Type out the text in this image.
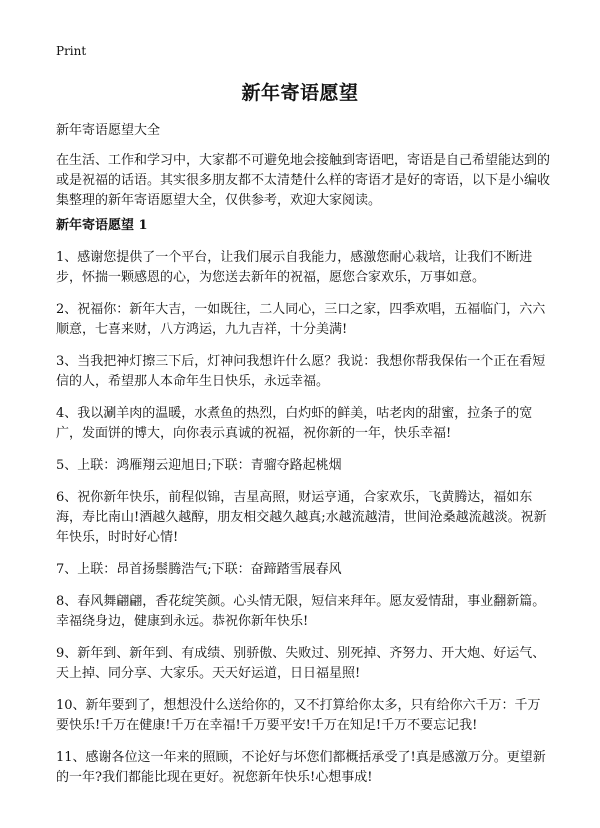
Print
新年寄语愿望

新年寄语愿望大全

在生活、工作和学习中，大家都不可避免地会接触到寄语吧，寄语是自己希望能达到的或是祝福的话语。其实很多朋友都不太清楚什么样的寄语才是好的寄语，以下是小编收集整理的新年寄语愿望大全，仅供参考，欢迎大家阅读。

新年寄语愿望 1
1、感谢您提供了一个平台，让我们展示自我能力，感激您耐心栽培，让我们不断进步，怀揣一颗感恩的心，为您送去新年的祝福，愿您合家欢乐，万事如意。
2、祝福你：新年大吉，一如既往，二人同心，三口之家，四季欢唱，五福临门，六六顺意，七喜来财，八方鸿运，九九吉祥，十分美满!
3、当我把神灯擦三下后，灯神问我想许什么愿？我说：我想你帮我保佑一个正在看短信的人，希望那人本命年生日快乐，永远幸福。
4、我以涮羊肉的温暖，水煮鱼的热烈，白灼虾的鲜美，咕老肉的甜蜜，拉条子的宽广，发面饼的博大，向你表示真诚的祝福，祝你新的一年，快乐幸福!
5、上联：鸿雁翔云迎旭日;下联：青骝夺路起桃烟
6、祝你新年快乐，前程似锦，吉星高照，财运亨通，合家欢乐，飞黄腾达，福如东海，寿比南山!酒越久越醇，朋友相交越久越真;水越流越清，世间沧桑越流越淡。祝新年快乐，时时好心情!
7、上联：昂首扬鬃腾浩气;下联：奋蹄踏雪展春风
8、春风舞翩翩，香花绽笑颜。心头情无限，短信来拜年。愿友爱情甜，事业翻新篇。幸福绕身边，健康到永远。恭祝你新年快乐!
9、新年到、新年到、有成绩、别骄傲、失败过、别死掉、齐努力、开大炮、好运气、天上掉、同分享、大家乐。天天好运道，日日福星照!
10、新年要到了，想想没什么送给你的，又不打算给你太多，只有给你六千万：千万要快乐!千万在健康!千万在幸福!千万要平安!千万在知足!千万不要忘记我!
11、感谢各位这一年来的照顾，不论好与坏您们都概括承受了!真是感激万分。更望新的一年?我们都能比现在更好。祝您新年快乐!心想事成!
